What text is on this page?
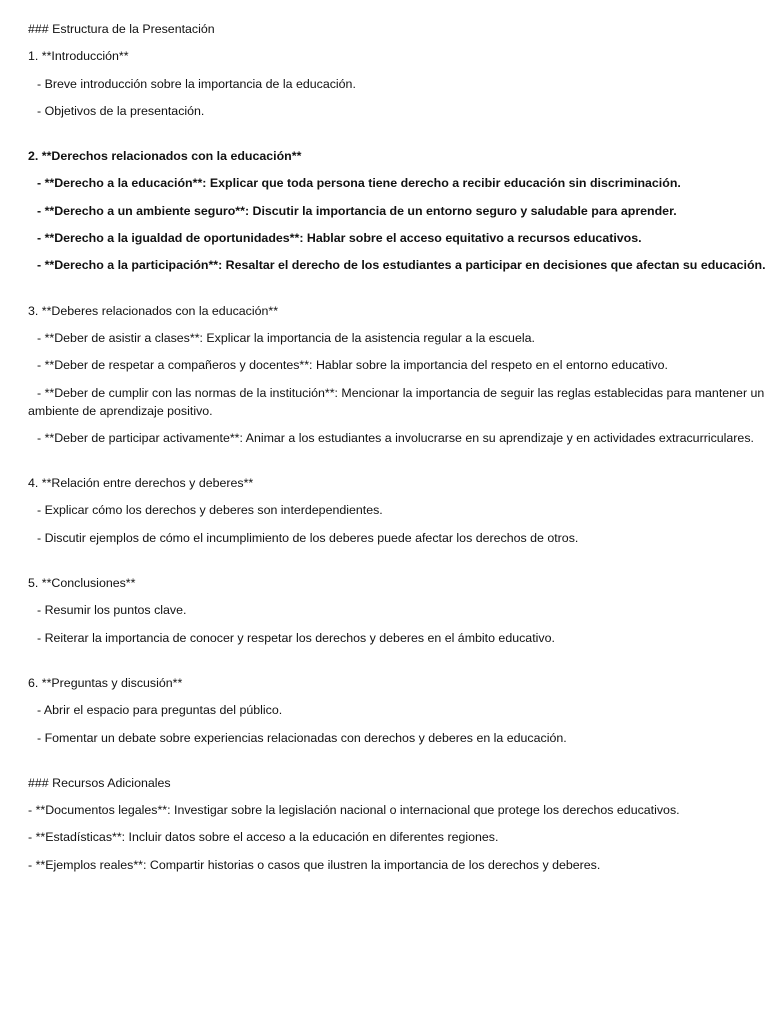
### Estructura de la Presentación
1. **Introducción**
- Breve introducción sobre la importancia de la educación.
- Objetivos de la presentación.
2. **Derechos relacionados con la educación**
- **Derecho a la educación**: Explicar que toda persona tiene derecho a recibir educación sin discriminación.
- **Derecho a un ambiente seguro**: Discutir la importancia de un entorno seguro y saludable para aprender.
- **Derecho a la igualdad de oportunidades**: Hablar sobre el acceso equitativo a recursos educativos.
- **Derecho a la participación**: Resaltar el derecho de los estudiantes a participar en decisiones que afectan su educación.
3. **Deberes relacionados con la educación**
- **Deber de asistir a clases**: Explicar la importancia de la asistencia regular a la escuela.
- **Deber de respetar a compañeros y docentes**: Hablar sobre la importancia del respeto en el entorno educativo.
- **Deber de cumplir con las normas de la institución**: Mencionar la importancia de seguir las reglas establecidas para mantener un ambiente de aprendizaje positivo.
- **Deber de participar activamente**: Animar a los estudiantes a involucrarse en su aprendizaje y en actividades extracurriculares.
4. **Relación entre derechos y deberes**
- Explicar cómo los derechos y deberes son interdependientes.
- Discutir ejemplos de cómo el incumplimiento de los deberes puede afectar los derechos de otros.
5. **Conclusiones**
- Resumir los puntos clave.
- Reiterar la importancia de conocer y respetar los derechos y deberes en el ámbito educativo.
6. **Preguntas y discusión**
- Abrir el espacio para preguntas del público.
- Fomentar un debate sobre experiencias relacionadas con derechos y deberes en la educación.
### Recursos Adicionales
- **Documentos legales**: Investigar sobre la legislación nacional o internacional que protege los derechos educativos.
- **Estadísticas**: Incluir datos sobre el acceso a la educación en diferentes regiones.
- **Ejemplos reales**: Compartir historias o casos que ilustren la importancia de los derechos y deberes.
